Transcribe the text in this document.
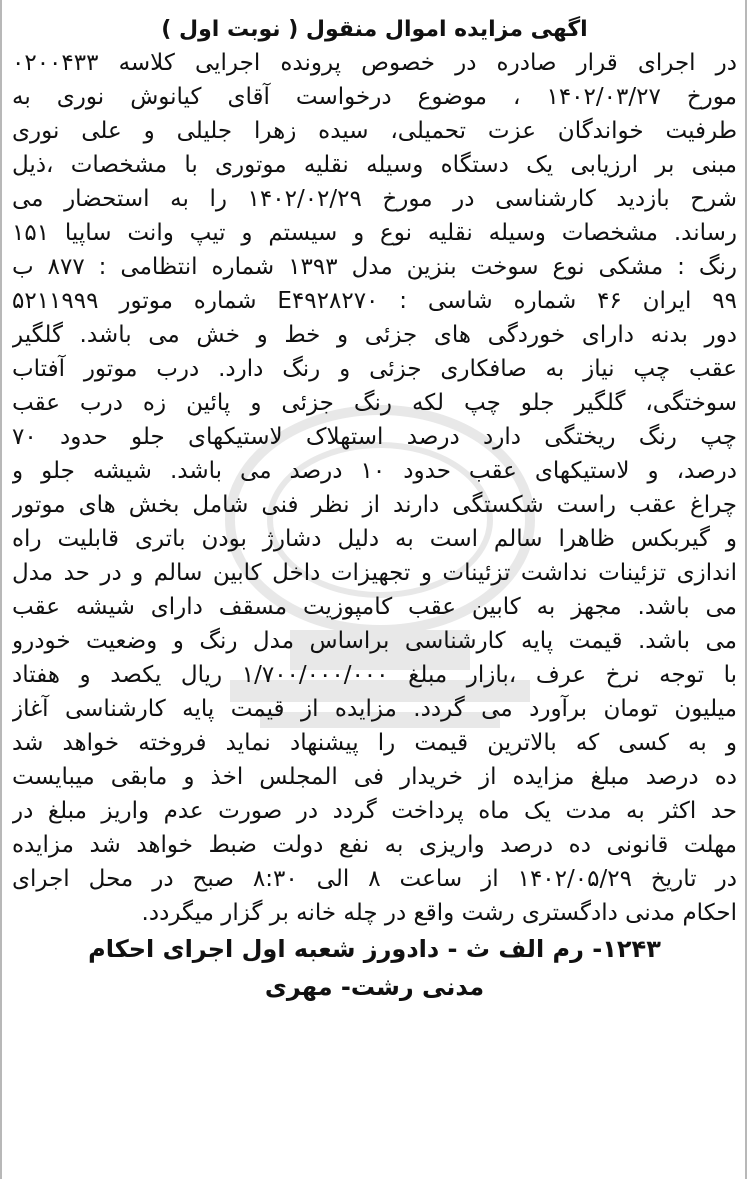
اگهی مزایده اموال منقول ( نوبت اول )
در اجرای قرار صادره در خصوص پرونده اجرایی کلاسه ۰۲۰۰۴۳۳
مورخ ۱۴۰۲/۰۳/۲۷ ، موضوع درخواست آقای کیانوش نوری به
طرفیت خواندگان عزت تحمیلی، سیده زهرا جلیلی و علی نوری
مبنی بر ارزیابی یک دستگاه وسیله نقلیه موتوری با مشخصات ،ذیل
شرح بازدید کارشناسی در مورخ ۱۴۰۲/۰۲/۲۹ را به استحضار می
رساند. مشخصات وسیله نقلیه نوع و سیستم و تیپ وانت ساپیا ۱۵۱
رنگ : مشکی نوع سوخت بنزین مدل ۱۳۹۳ شماره انتظامی : ۸۷۷ ب
۹۹ ایران ۴۶ شماره شاسی : E۴۹۲۸۲۷۰ شماره موتور ۵۲۱۱۹۹۹
دور بدنه دارای خوردگی های جزئی و خط و خش می باشد. گلگیر
عقب چپ نیاز به صافکاری جزئی و رنگ دارد. درب موتور آفتاب
سوختگی، گلگیر جلو چپ لکه رنگ جزئی و پائین زه درب عقب
چپ رنگ ریختگی دارد درصد استهلاک لاستیکهای جلو حدود ۷۰
درصد، و لاستیکهای عقب حدود ۱۰ درصد می باشد. شیشه جلو و
چراغ عقب راست شکستگی دارند از نظر فنی شامل بخش های موتور
و گیربکس ظاهرا سالم است به دلیل دشارژ بودن باتری قابلیت راه
اندازی تزئینات نداشت تزئینات و تجهیزات داخل کابین سالم و در حد مدل
می باشد. مجهز به کابین عقب کامپوزیت مسقف دارای شیشه عقب
می باشد. قیمت پایه کارشناسی براساس مدل رنگ و وضعیت خودرو
با توجه نرخ عرف ،بازار مبلغ ۱/۷۰۰/۰۰۰/۰۰۰ ریال یکصد و هفتاد
میلیون تومان برآورد می گردد. مزایده از قیمت پایه کارشناسی آغاز
و به کسی که بالاترین قیمت را پیشنهاد نماید فروخته خواهد شد
ده درصد مبلغ مزایده از خریدار فی المجلس اخذ و مابقی میبایست
حد اکثر به مدت یک ماه پرداخت گردد در صورت عدم واریز مبلغ در
مهلت قانونی ده درصد واریزی به نفع دولت ضبط خواهد شد مزایده
در تاریخ ۱۴۰۲/۰۵/۲۹ از ساعت ۸ الی ۸:۳۰ صبح در محل اجرای
احکام مدنی دادگستری رشت واقع در چله خانه بر گزار میگردد.
۱۲۴۳- رم الف ث - دادورز شعبه اول اجرای احکام
مدنی رشت- مهری
